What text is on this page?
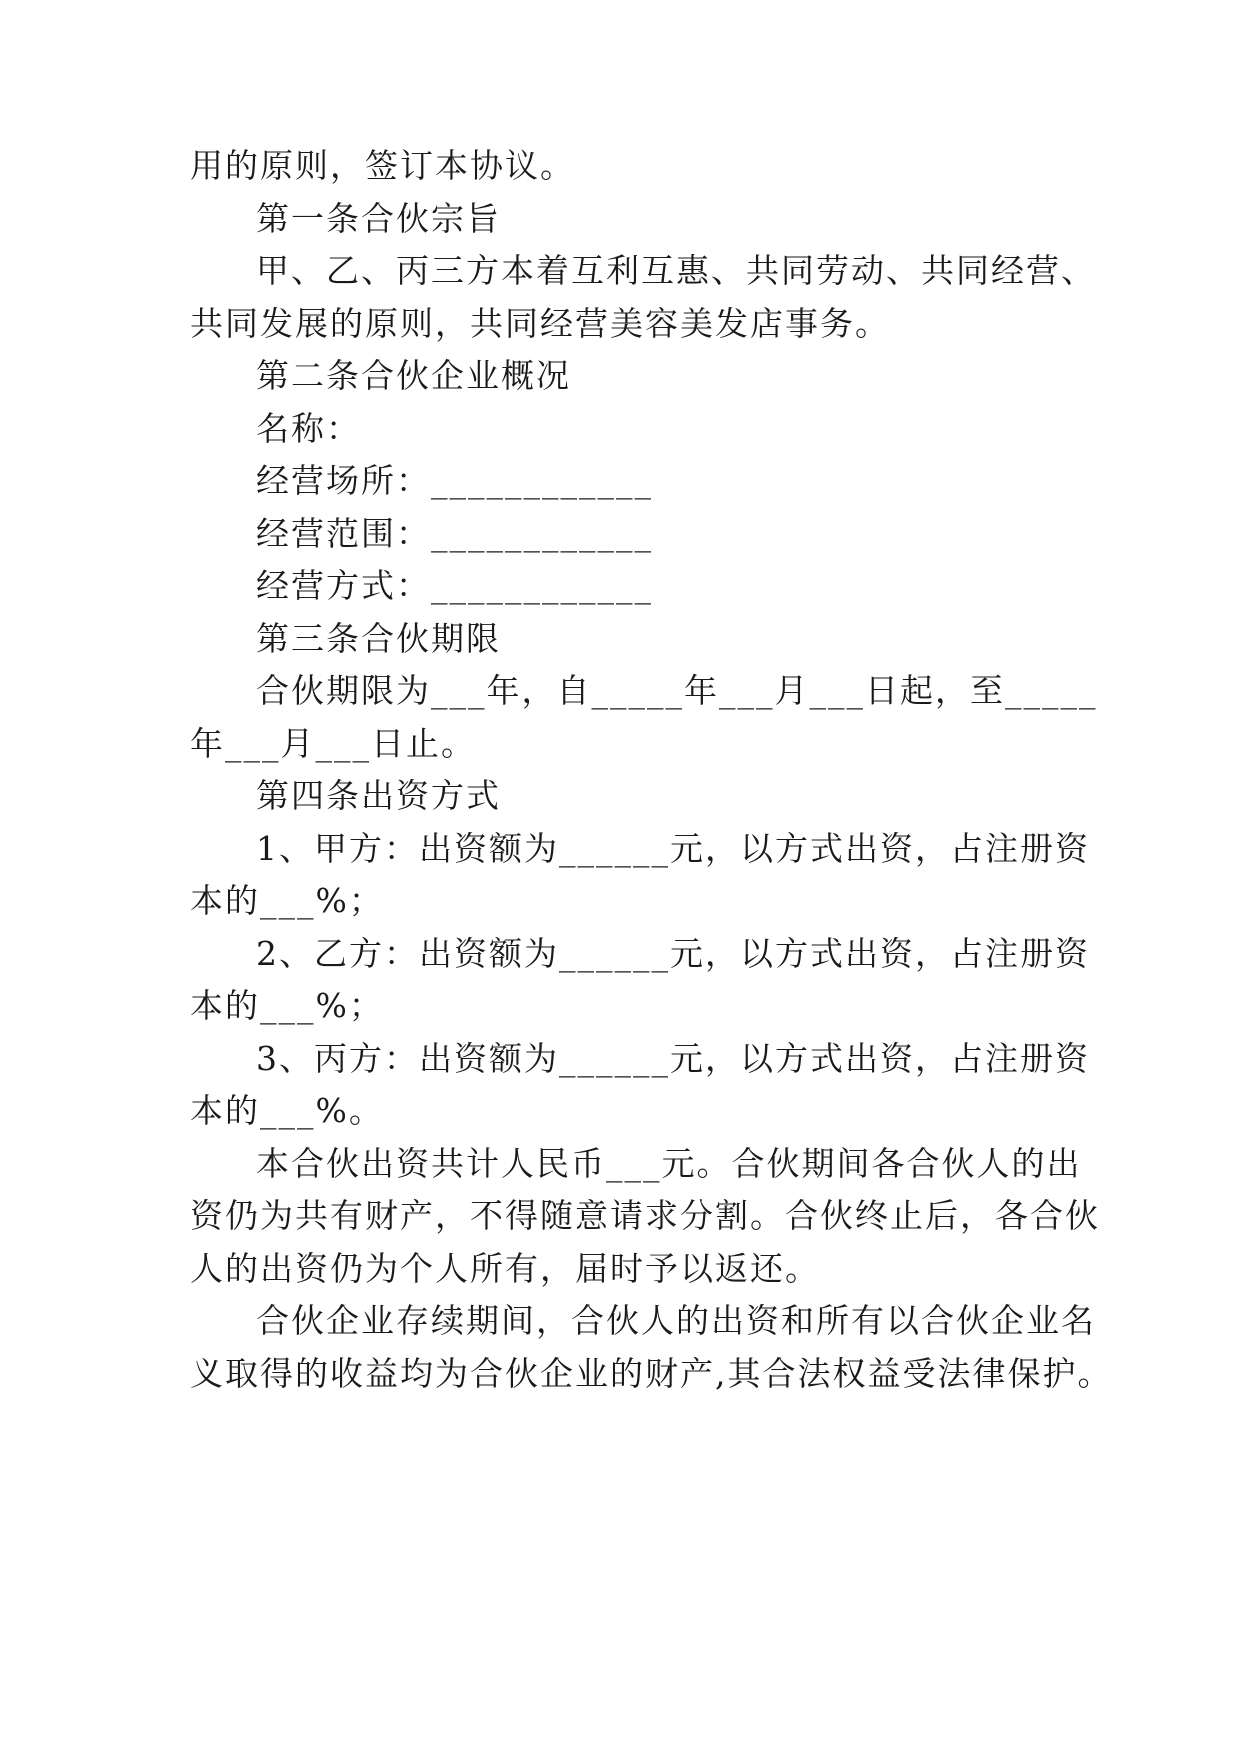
用的原则，签订本协议。
第一条合伙宗旨
甲、乙、丙三方本着互利互惠、共同劳动、共同经营、
共同发展的原则，共同经营美容美发店事务。
第二条合伙企业概况
名称：
经营场所：____________
经营范围：____________
经营方式：____________
第三条合伙期限
合伙期限为___年，自_____年___月___日起，至_____
年___月___日止。
第四条出资方式
1、甲方：出资额为______元，以方式出资，占注册资
本的___%；
2、乙方：出资额为______元，以方式出资，占注册资
本的___%；
3、丙方：出资额为______元，以方式出资，占注册资
本的___%。
本合伙出资共计人民币___元。合伙期间各合伙人的出
资仍为共有财产，不得随意请求分割。合伙终止后，各合伙
人的出资仍为个人所有，届时予以返还。
合伙企业存续期间，合伙人的出资和所有以合伙企业名
义取得的收益均为合伙企业的财产,其合法权益受法律保护。
